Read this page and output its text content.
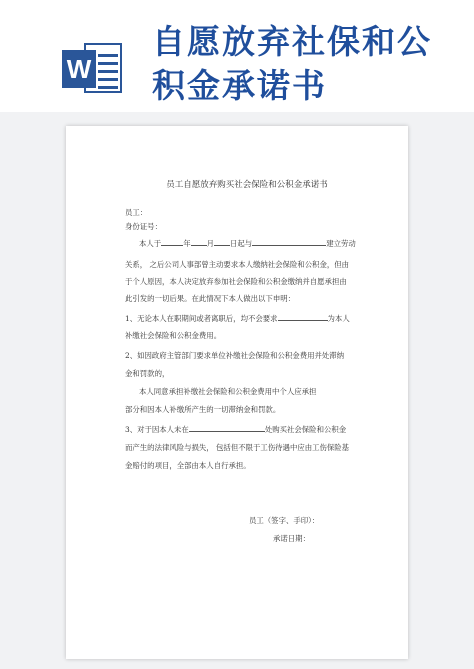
W
自愿放弃社保和公
积金承诺书
员工自愿放弃购买社会保险和公积金承诺书
员工：
身份证号：
本人于	年 月 日起与	建立劳动
关系， 之后公司人事部曾主动要求本人缴纳社会保险和公积金，但由
于个人原因，本人决定放弃参加社会保险和公积金缴纳并自愿承担由
此引发的一切后果。在此情况下本人做出以下申明：
1、无论本人在职期间或者离职后，均不会要求	为本人
补缴社会保险和公积金费用。
2、如因政府主管部门要求单位补缴社会保险和公积金费用并处滞纳
金和罚款的，
本人同意承担补缴社会保险和公积金费用中个人应承担
部分和因本人补缴所产生的一切滞纳金和罚款。
3、对于因本人未在	处购买社会保险和公积金
而产生的法律风险与损失， 包括但不限于工伤待遇中应由工伤保险基
金赔付的项目，全部由本人自行承担。
员工（签字、手印）：
承诺日期：
